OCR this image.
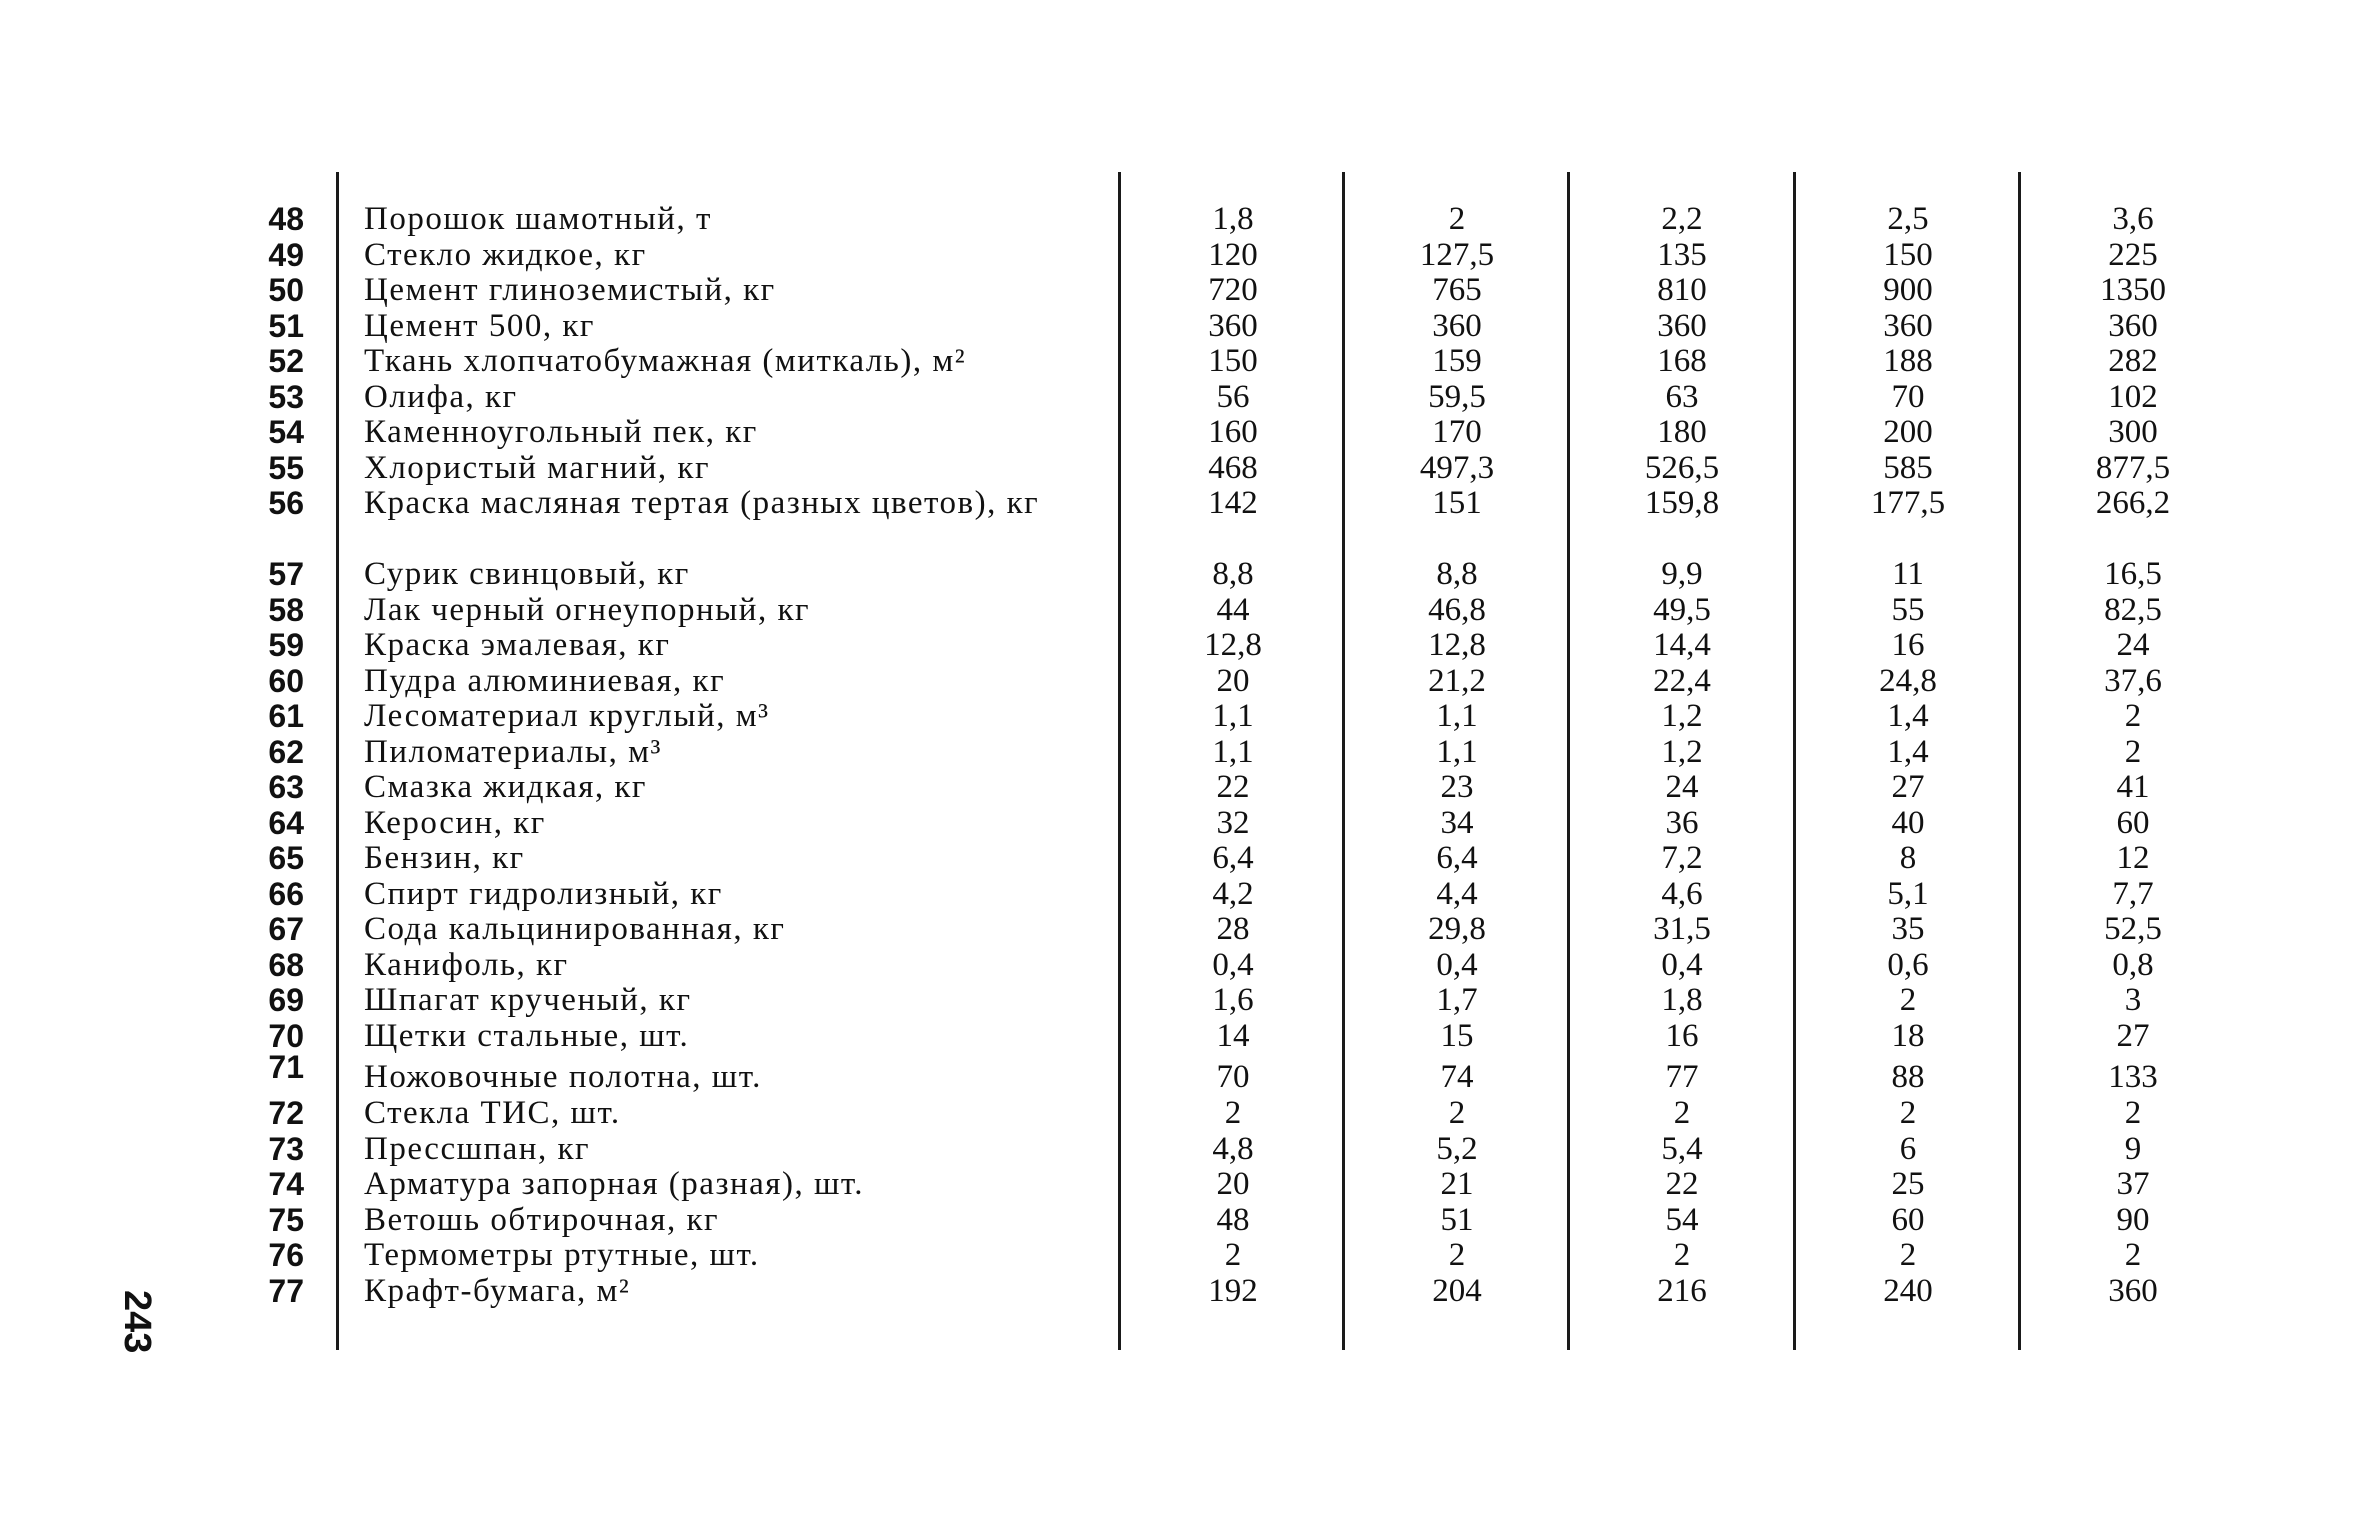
243
48 Порошок шамотный, т	1,8	2	2,2	2,5	3,6
49 Стекло жидкое, кг	120	127,5	135	150	225
50 Цемент глиноземистый, кг	720	765	810	900	1350
51 Цемент 500, кг	360	360	360	360	360
52 Ткань хлопчатобумажная (миткаль), м²	150	159	168	188	282
53 Олифа, кг	56	59,5	63	70	102
54 Каменноугольный пек, кг	160	170	180	200	300
55 Хлористый магний, кг	468	497,3	526,5	585	877,5
56 Краска масляная тертая (разных цветов), кг	142	151	159,8	177,5	266,2
57 Сурик свинцовый, кг	8,8	8,8	9,9	11	16,5
58 Лак черный огнеупорный, кг	44	46,8	49,5	55	82,5
59 Краска эмалевая, кг	12,8	12,8	14,4	16	24
60 Пудра алюминиевая, кг	20	21,2	22,4	24,8	37,6
61 Лесоматериал круглый, м³	1,1	1,1	1,2	1,4	2
62 Пиломатериалы, м³	1,1	1,1	1,2	1,4	2
63 Смазка жидкая, кг	22	23	24	27	41
64 Керосин, кг	32	34	36	40	60
65 Бензин, кг	6,4	6,4	7,2	8	12
66 Спирт гидролизный, кг	4,2	4,4	4,6	5,1	7,7
67 Сода кальцинированная, кг	28	29,8	31,5	35	52,5
68 Канифоль, кг	0,4	0,4	0,4	0,6	0,8
69 Шпагат крученый, кг	1,6	1,7	1,8	2	3
70 Щетки стальные, шт.	14	15	16	18	27
71 Ножовочные полотна, шт.	70	74	77	88	133
72 Стекла ТИС, шт.	2	2	2	2	2
73 Прессшпан, кг	4,8	5,2	5,4	6	9
74 Арматура запорная (разная), шт.	20	21	22	25	37
75 Ветошь обтирочная, кг	48	51	54	60	90
76 Термометры ртутные, шт.	2	2	2	2	2
77 Крафт-бумага, м²	192	204	216	240	360
